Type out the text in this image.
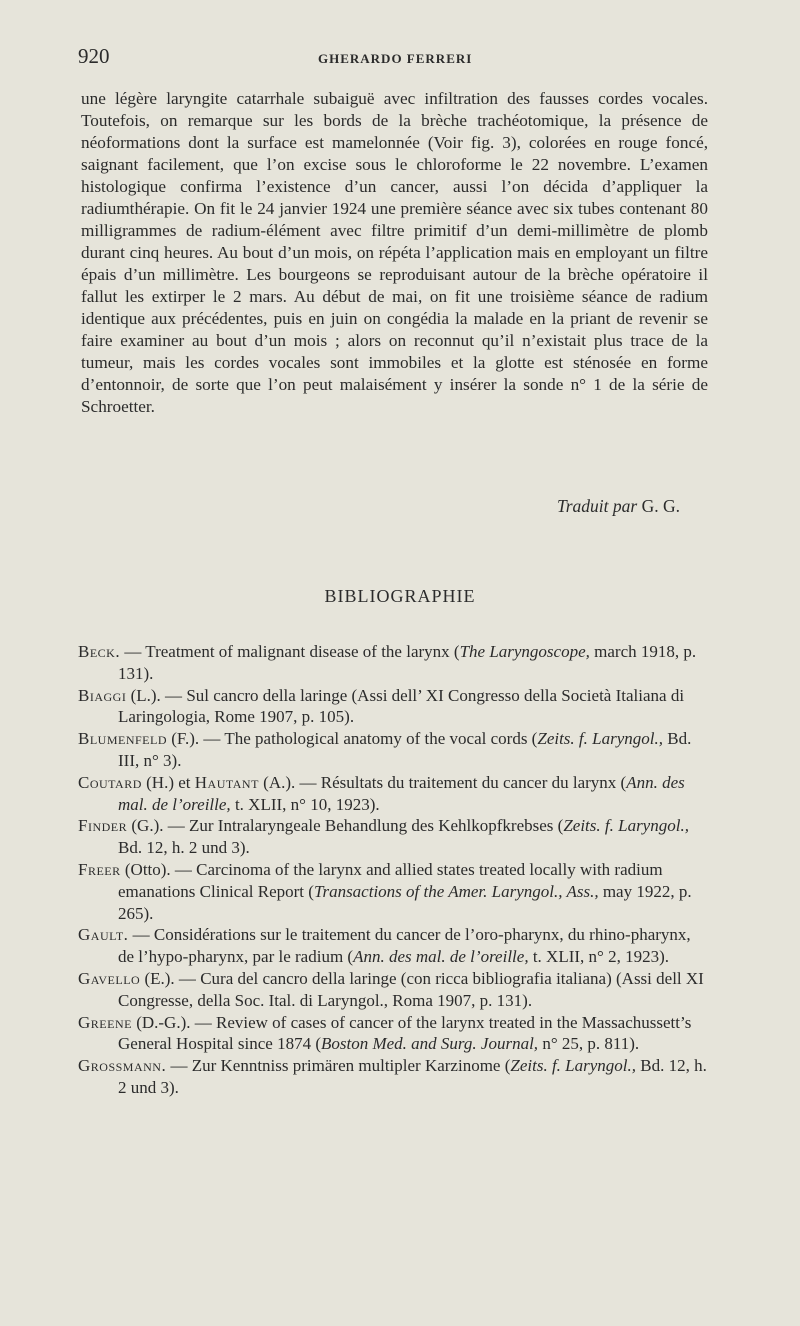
920	GHERARDO FERRERI

une légère laryngite catarrhale subaiguë avec infiltration des fausses cordes vocales. Toutefois, on remarque sur les bords de la brèche trachéotomique, la présence de néoformations dont la surface est mamelonnée (Voir fig. 3), colorées en rouge foncé, saignant facilement, que l’on excise sous le chloroforme le 22 novembre. L’examen histologique confirma l’existence d’un cancer, aussi l’on décida d’appliquer la radiumthérapie. On fit le 24 janvier 1924 une première séance avec six tubes contenant 80 milligrammes de radium-élément avec filtre primitif d’un demi-millimètre de plomb durant cinq heures. Au bout d’un mois, on répéta l’application mais en employant un filtre épais d’un millimètre. Les bourgeons se reproduisant autour de la brèche opératoire il fallut les extirper le 2 mars. Au début de mai, on fit une troisième séance de radium identique aux précédentes, puis en juin on congédia la malade en la priant de revenir se faire examiner au bout d’un mois ; alors on reconnut qu’il n’existait plus trace de la tumeur, mais les cordes vocales sont immobiles et la glotte est sténosée en forme d’entonnoir, de sorte que l’on peut malaisément y insérer la sonde n° 1 de la série de Schroetter.

Traduit par G. G.
BIBLIOGRAPHIE

Beck. — Treatment of malignant disease of the larynx (The Laryngoscope, march 1918, p. 131).

Biaggi (L.). — Sul cancro della laringe (Assi dell’ XI Congresso della Società Italiana di Laringologia, Rome 1907, p. 105).

Blumenfeld (F.). — The pathological anatomy of the vocal cords (Zeits. f. Laryngol., Bd. III, n° 3).

Coutard (H.) et Hautant (A.). — Résultats du traitement du cancer du larynx (Ann. des mal. de l’oreille, t. XLII, n° 10, 1923).

Finder (G.). — Zur Intralaryngeale Behandlung des Kehlkopfkrebses (Zeits. f. Laryngol., Bd. 12, h. 2 und 3).

Freer (Otto). — Carcinoma of the larynx and allied states treated locally with radium emanations Clinical Report (Transactions of the Amer. Laryngol., Ass., may 1922, p. 265).

Gault. — Considérations sur le traitement du cancer de l’oro-pharynx, du rhino-pharynx, de l’hypo-pharynx, par le radium (Ann. des mal. de l’oreille, t. XLII, n° 2, 1923).

Gavello (E.). — Cura del cancro della laringe (con ricca bibliografia italiana) (Assi dell XI Congresse, della Soc. Ital. di Laryngol., Roma 1907, p. 131).

Greene (D.-G.). — Review of cases of cancer of the larynx treated in the Massachussett’s General Hospital since 1874 (Boston Med. and Surg. Journal, n° 25, p. 811).

Grossmann. — Zur Kenntniss primären multipler Karzinome (Zeits. f. Laryngol., Bd. 12, h. 2 und 3).
